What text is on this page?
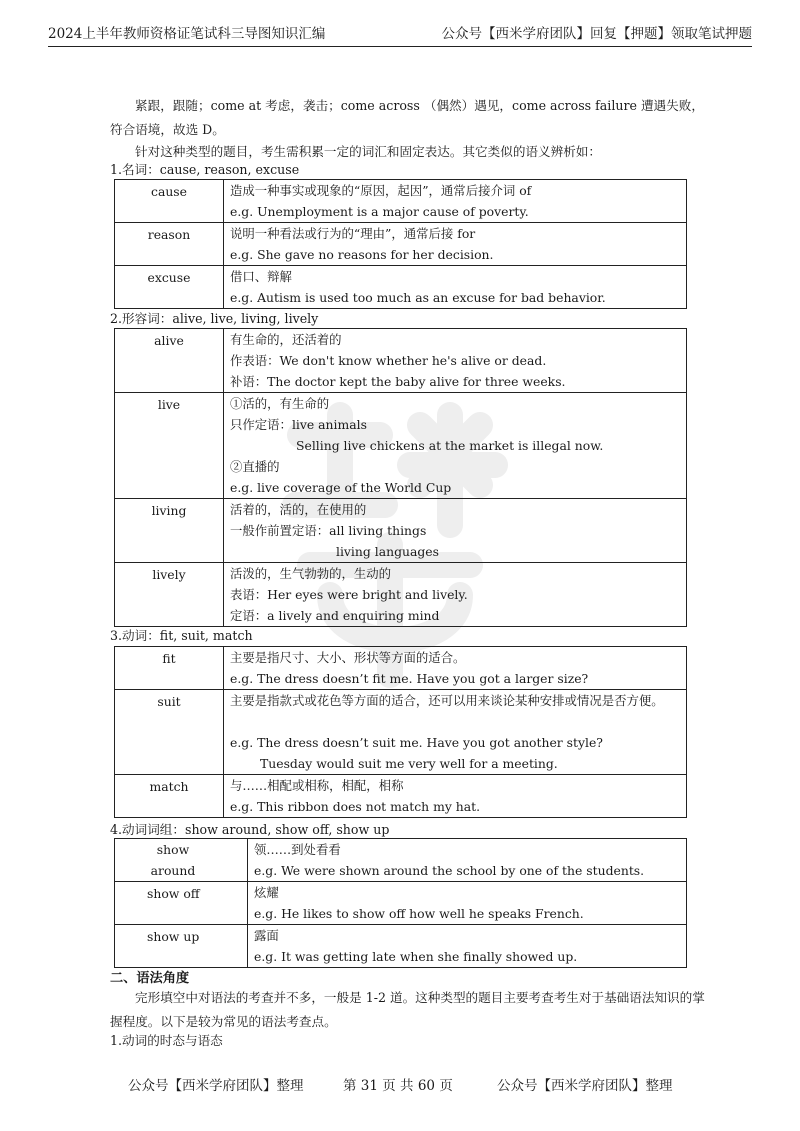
2024上半年教师资格证笔试科三导图知识汇编	公众号【西米学府团队】回复【押题】领取笔试押题

紧跟，跟随；come at 考虑，袭击；come across （偶然）遇见，come across failure 遭遇失败，符合语境，故选 D。

针对这种类型的题目，考生需积累一定的词汇和固定表达。其它类似的语义辨析如：

1.名词：cause, reason, excuse

cause	造成一种事实或现象的“原因，起因”，通常后接介词 of
e.g. Unemployment is a major cause of poverty.

reason	说明一种看法或行为的“理由”，通常后接 for
e.g. She gave no reasons for her decision.

excuse	借口、辩解
e.g. Autism is used too much as an excuse for bad behavior.

2.形容词：alive, live, living, lively

alive	有生命的，还活着的
作表语：We don't know whether he's alive or dead.
补语：The doctor kept the baby alive for three weeks.

live	①活的，有生命的
只作定语：live animals
Selling live chickens at the market is illegal now.
②直播的
e.g. live coverage of the World Cup

living	活着的，活的，在使用的
一般作前置定语：all living things
living languages

lively	活泼的，生气勃勃的，生动的
表语：Her eyes were bright and lively.
定语：a lively and enquiring mind

3.动词：fit, suit, match

fit	主要是指尺寸、大小、形状等方面的适合。
e.g. The dress doesn’t fit me. Have you got a larger size?

suit	主要是指款式或花色等方面的适合，还可以用来谈论某种安排或情况是否方便。
e.g. The dress doesn’t suit me. Have you got another style?
Tuesday would suit me very well for a meeting.

match	与……相配或相称，相配，相称
e.g. This ribbon does not match my hat.

4.动词词组：show around, show off, show up

show around	领……到处看看
e.g. We were shown around the school by one of the students.

show off	炫耀
e.g. He likes to show off how well he speaks French.

show up	露面
e.g. It was getting late when she finally showed up.

二、语法角度

完形填空中对语法的考查并不多，一般是 1-2 道。这种类型的题目主要考查考生对于基础语法知识的掌握程度。以下是较为常见的语法考查点。

1.动词的时态与语态

公众号【西米学府团队】整理	第 31 页 共 60 页	公众号【西米学府团队】整理
